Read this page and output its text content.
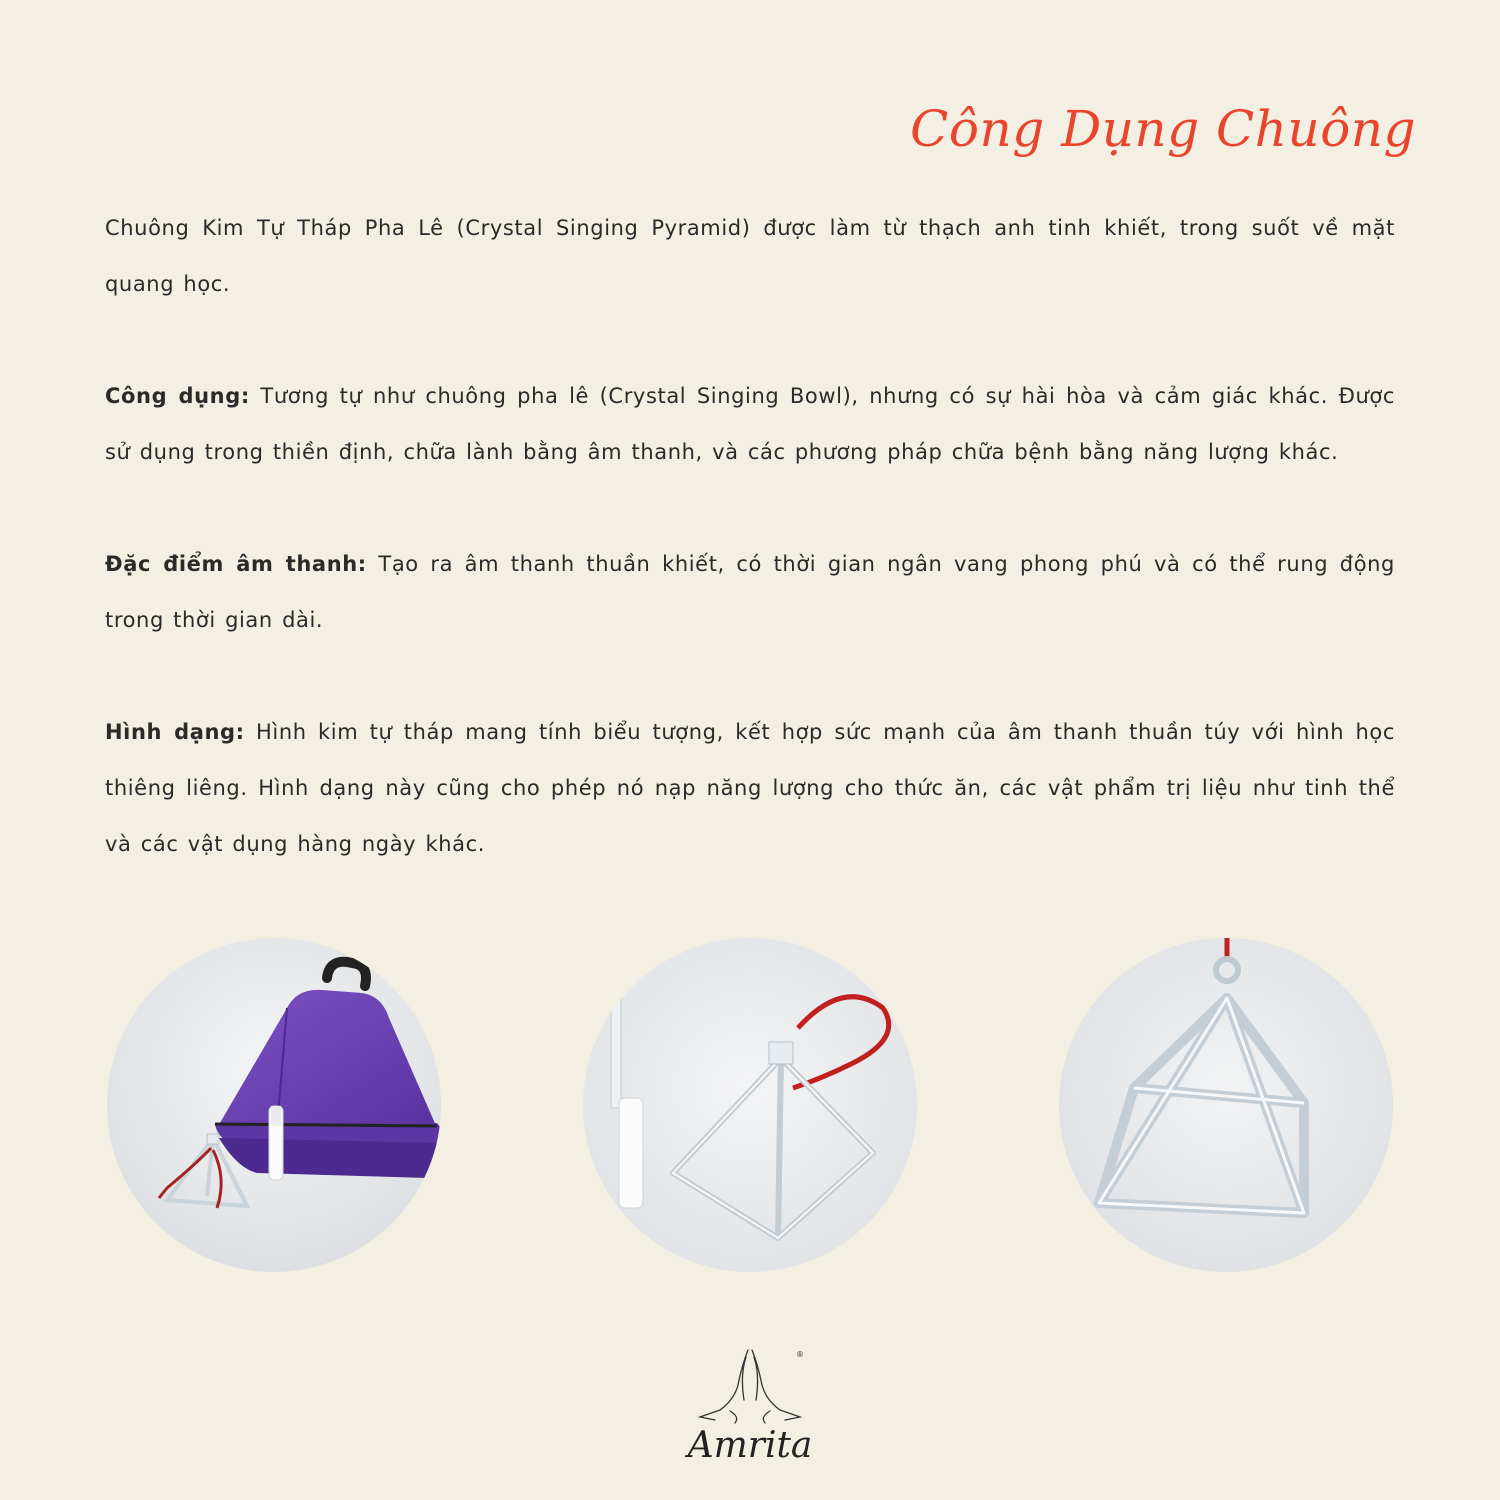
Công Dụng Chuông

Chuông Kim Tự Tháp Pha Lê (Crystal Singing Pyramid) được làm từ thạch anh tinh khiết, trong suốt về mặt quang học.

Công dụng: Tương tự như chuông pha lê (Crystal Singing Bowl), nhưng có sự hài hòa và cảm giác khác. Được sử dụng trong thiền định, chữa lành bằng âm thanh, và các phương pháp chữa bệnh bằng năng lượng khác.

Đặc điểm âm thanh: Tạo ra âm thanh thuần khiết, có thời gian ngân vang phong phú và có thể rung động trong thời gian dài.

Hình dạng: Hình kim tự tháp mang tính biểu tượng, kết hợp sức mạnh của âm thanh thuần túy với hình học thiêng liêng. Hình dạng này cũng cho phép nó nạp năng lượng cho thức ăn, các vật phẩm trị liệu như tinh thể và các vật dụng hàng ngày khác.

®
Amrita
